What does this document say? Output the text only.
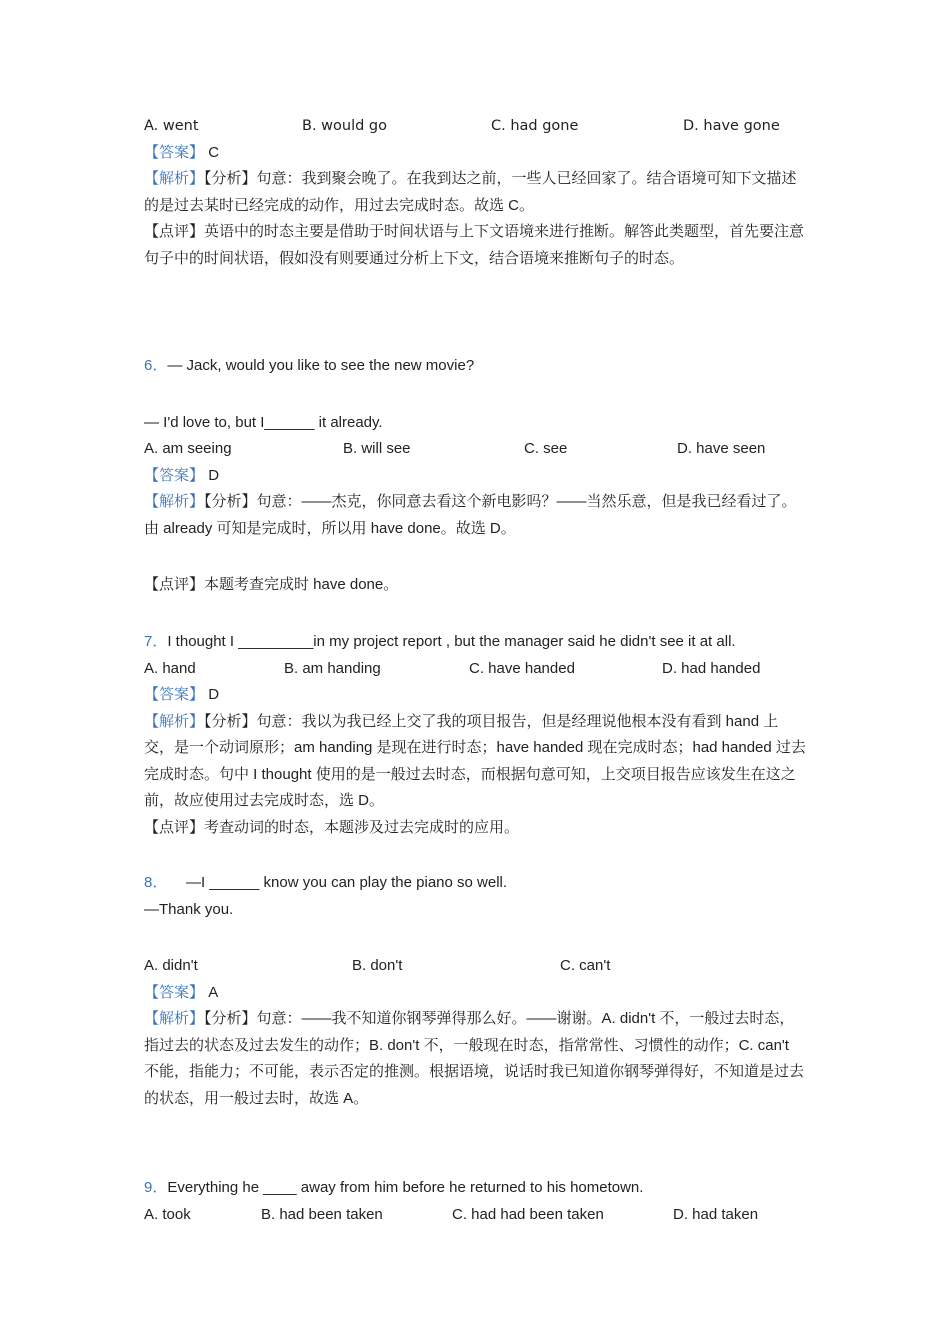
A. went	B. would go	C. had gone	D. have gone
【答案】 C
【解析】【分析】句意：我到聚会晚了。在我到达之前，一些人已经回家了。结合语境可知下文描述的是过去某时已经完成的动作，用过去完成时态。故选 C。
【点评】英语中的时态主要是借助于时间状语与上下文语境来进行推断。解答此类题型，首先要注意句子中的时间状语，假如没有则要通过分析上下文，结合语境来推断句子的时态。
6．— Jack, would you like to see the new movie?
— I'd love to, but I______ it already.
A. am seeing	B. will see	C. see	D. have seen
【答案】 D
【解析】【分析】句意：——杰克，你同意去看这个新电影吗？——当然乐意，但是我已经看过了。由 already 可知是完成时，所以用 have done。故选 D。
【点评】本题考查完成时 have done。
7．I thought I _________in my project report , but the manager said he didn't see it at all.
A. hand	B. am handing	C. have handed	D. had handed
【答案】 D
【解析】【分析】句意：我以为我已经上交了我的项目报告，但是经理说他根本没有看到 hand 上交，是一个动词原形；am handing 是现在进行时态；have handed 现在完成时态；had handed 过去完成时态。句中 I thought 使用的是一般过去时态，而根据句意可知，上交项目报告应该发生在这之前，故应使用过去完成时态，选 D。
【点评】考查动词的时态，本题涉及过去完成时的应用。
8． —I ______ know you can play the piano so well.
—Thank you.
A. didn't	B. don't	C. can't
【答案】 A
【解析】【分析】句意：——我不知道你钢琴弹得那么好。——谢谢。A. didn't 不，一般过去时态，指过去的状态及过去发生的动作；B. don't 不，一般现在时态，指常常性、习惯性的动作；C. can't 不能，指能力；不可能，表示否定的推测。根据语境，说话时我已知道你钢琴弹得好，不知道是过去的状态，用一般过去时，故选 A。
9．Everything he ____ away from him before he returned to his hometown.
A. took	B. had been taken	C. had had been taken	D. had taken
